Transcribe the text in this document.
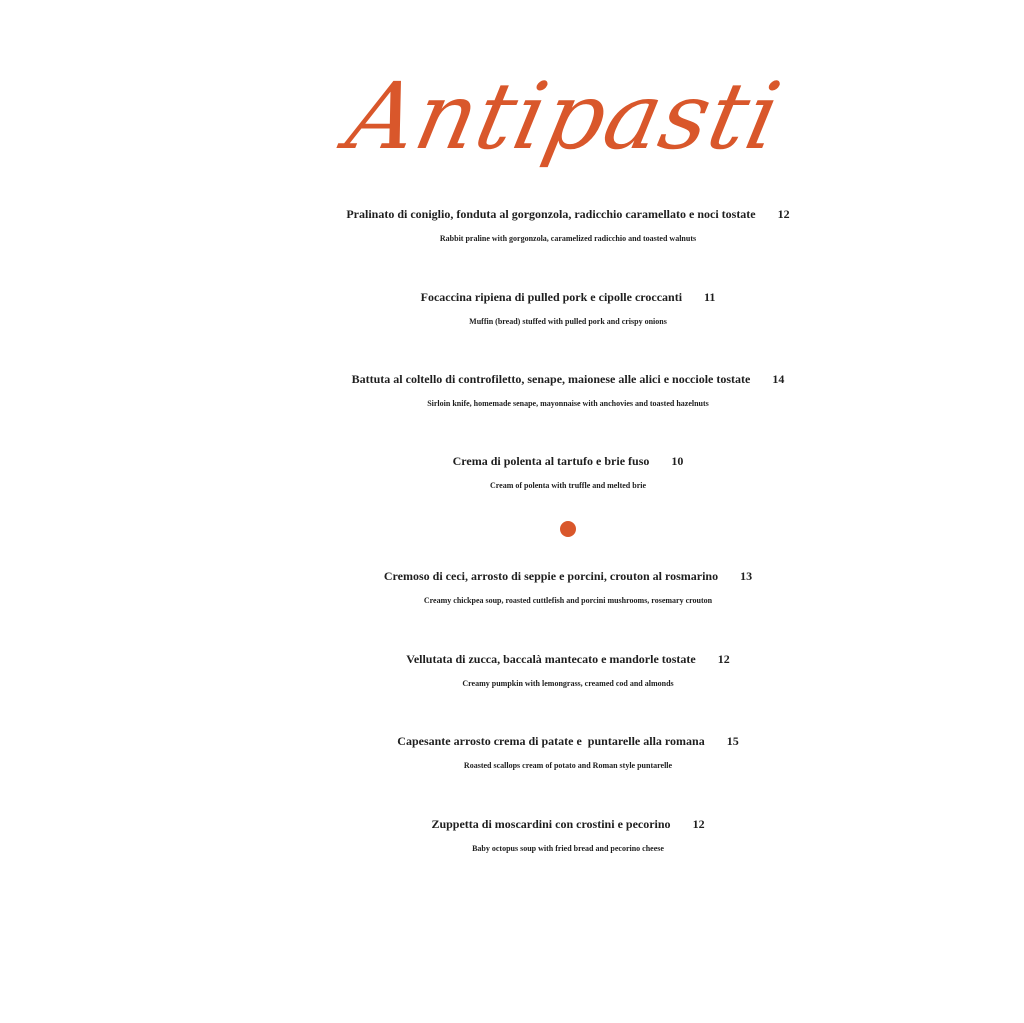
Antipasti
Pralinato di coniglio, fonduta al gorgonzola, radicchio caramellato e noci tostate 12
Rabbit praline with gorgonzola, caramelized radicchio and toasted walnuts
Focaccina ripiena di pulled pork e cipolle croccanti 11
Muffin (bread) stuffed with pulled pork and crispy onions
Battuta al coltello di controfiletto, senape, maionese alle alici e nocciole tostate 14
Sirloin knife, homemade senape, mayonnaise with anchovies and toasted hazelnuts
Crema di polenta al tartufo e brie fuso 10
Cream of polenta with truffle and melted brie
Cremoso di ceci, arrosto di seppie e porcini, crouton al rosmarino 13
Creamy chickpea soup, roasted cuttlefish and porcini mushrooms, rosemary crouton
Vellutata di zucca, baccalà mantecato e mandorle tostate 12
Creamy pumpkin with lemongrass, creamed cod and almonds
Capesante arrosto crema di patate e  puntarelle alla romana 15
Roasted scallops cream of potato and Roman style puntarelle
Zuppetta di moscardini con crostini e pecorino 12
Baby octopus soup with fried bread and pecorino cheese
